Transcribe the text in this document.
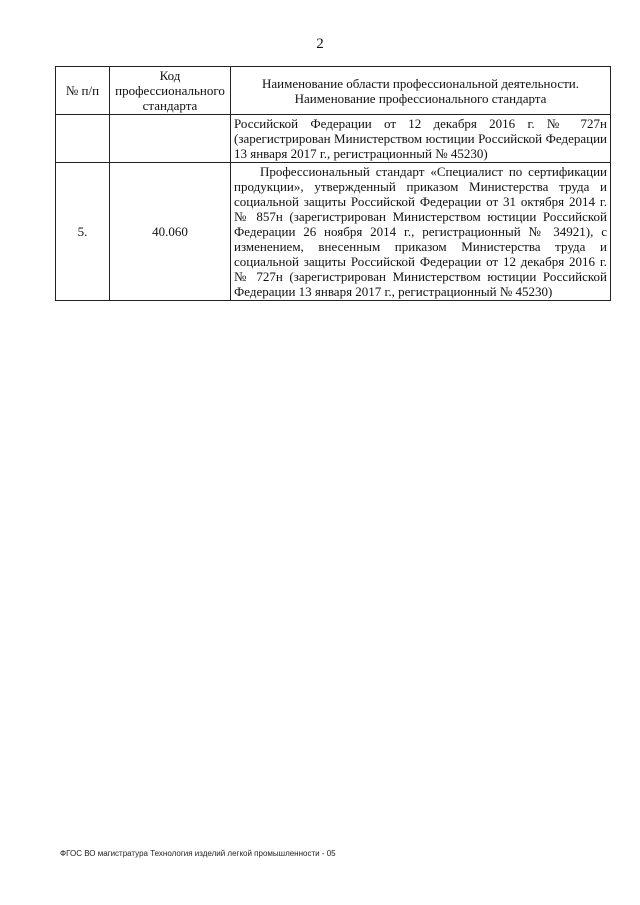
2
№ п/п	Код профессионального стандарта	Наименование области профессиональной деятельности.
Наименование профессионального стандарта

		Российской Федерации от 12 декабря 2016 г. № 727н (зарегистрирован Министерством юстиции Российской Федерации 13 января 2017 г., регистрационный № 45230)
5.	40.060	Профессиональный стандарт «Специалист по сертификации продукции», утвержденный приказом Министерства труда и социальной защиты Российской Федерации от 31 октября 2014 г. № 857н (зарегистрирован Министерством юстиции Российской Федерации 26 ноября 2014 г., регистрационный № 34921), с изменением, внесенным приказом Министерства труда и социальной защиты Российской Федерации от 12 декабря 2016 г. № 727н (зарегистрирован Министерством юстиции Российской Федерации 13 января 2017 г., регистрационный № 45230)
ФГОС ВО магистратура Технология изделий легкой промышленности - 05
